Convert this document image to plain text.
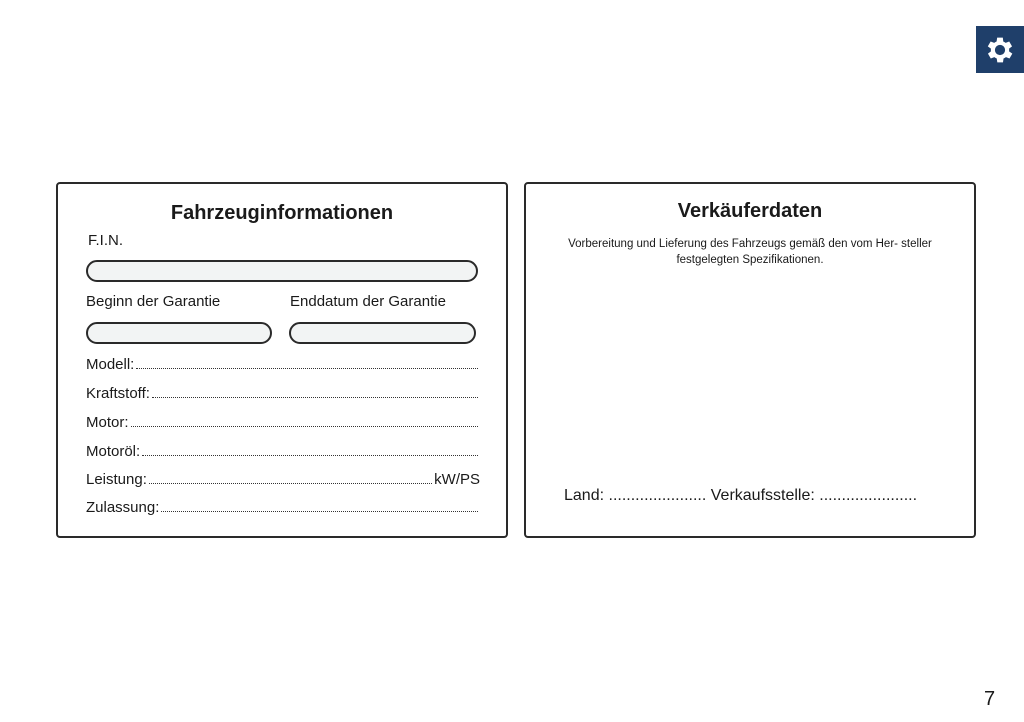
Fahrzeuginformationen
F.I.N.
Beginn der Garantie	Enddatum der Garantie
Modell:
Kraftstoff:
Motor:
Motoröl:
Leistung:	kW/PS
Zulassung:
Verkäuferdaten

Vorbereitung und Lieferung des Fahrzeugs gemäß den vom Her- steller festgelegten Spezifikationen.

Land: ...................... Verkaufsstelle: ......................
7
